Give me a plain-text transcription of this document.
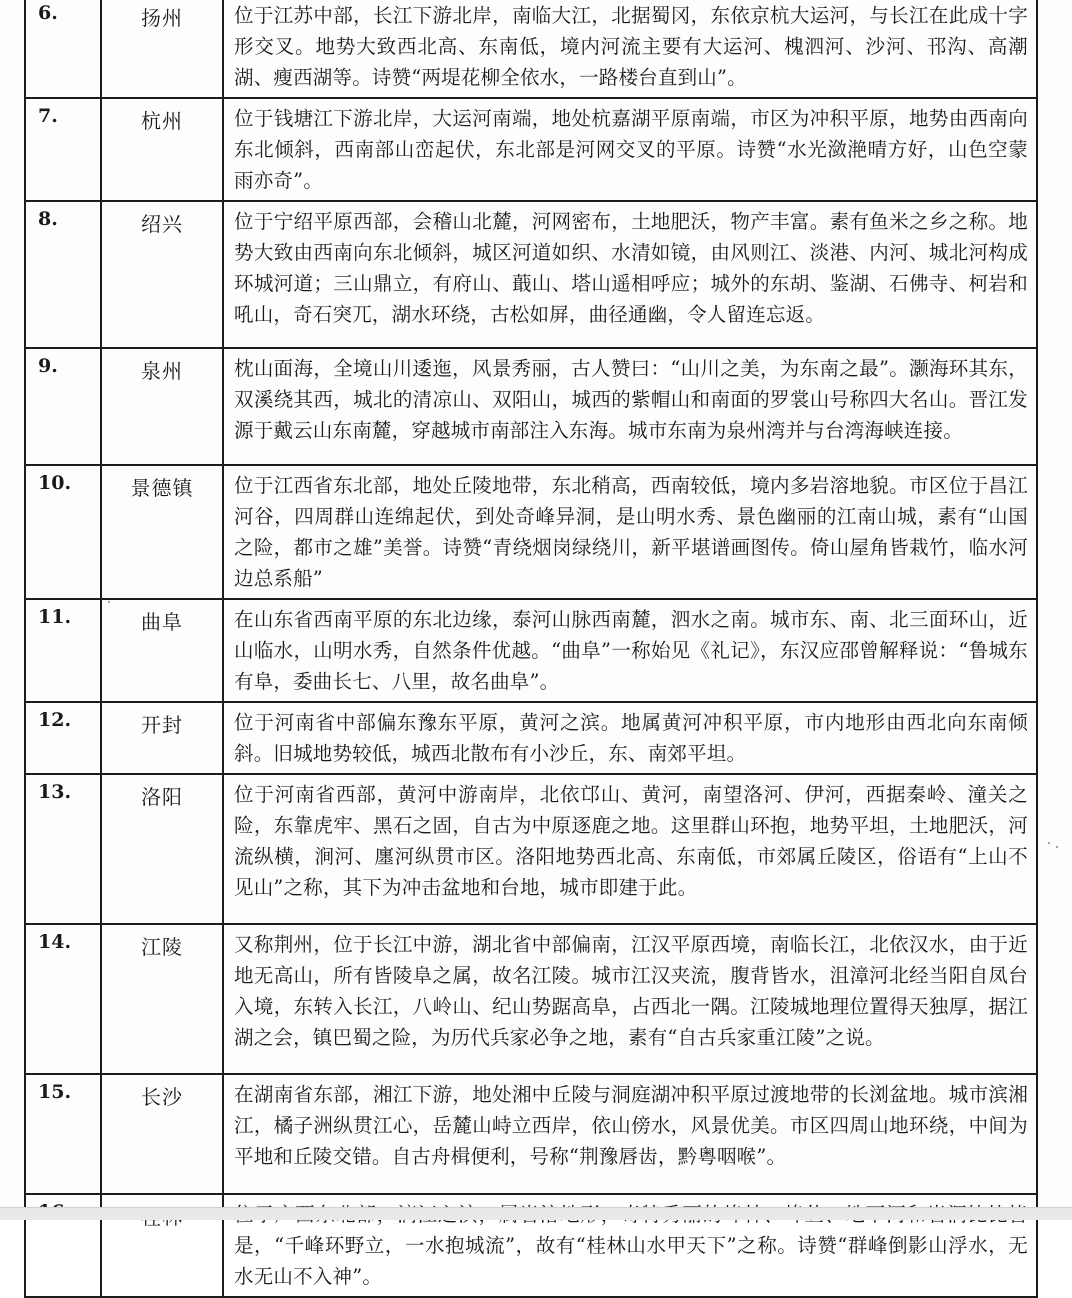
6.	扬州	位于江苏中部，长江下游北岸，南临大江，北据蜀冈，东依京杭大运河，与长江在此成十字形交叉。地势大致西北高、东南低，境内河流主要有大运河、槐泗河、沙河、邗沟、高潮湖、瘦西湖等。诗赞“两堤花柳全依水，一路楼台直到山”。
7.	杭州	位于钱塘江下游北岸，大运河南端，地处杭嘉湖平原南端，市区为冲积平原，地势由西南向东北倾斜，西南部山峦起伏，东北部是河网交叉的平原。诗赞“水光潋滟晴方好，山色空蒙雨亦奇”。
8.	绍兴	位于宁绍平原西部，会稽山北麓，河网密布，土地肥沃，物产丰富。素有鱼米之乡之称。地势大致由西南向东北倾斜，城区河道如织、水清如镜，由风则江、淡港、内河、城北河构成环城河道；三山鼎立，有府山、蕺山、塔山遥相呼应；城外的东胡、鉴湖、石佛寺、柯岩和吼山，奇石突兀，湖水环绕，古松如屏，曲径通幽，令人留连忘返。
9.	泉州	枕山面海，全境山川逶迤，风景秀丽，古人赞曰：“山川之美，为东南之最”。灏海环其东，双溪绕其西，城北的清凉山、双阳山，城西的紫帽山和南面的罗裳山号称四大名山。晋江发源于戴云山东南麓，穿越城市南部注入东海。城市东南为泉州湾并与台湾海峡连接。
10.	景德镇	位于江西省东北部，地处丘陵地带，东北稍高，西南较低，境内多岩溶地貌。市区位于昌江河谷，四周群山连绵起伏，到处奇峰异洞，是山明水秀、景色幽丽的江南山城，素有“山国之险，都市之雄”美誉。诗赞“青绕烟岗绿绕川，新平堪谱画图传。倚山屋角皆栽竹，临水河边总系船”
11.	曲阜	在山东省西南平原的东北边缘，泰河山脉西南麓，泗水之南。城市东、南、北三面环山，近山临水，山明水秀，自然条件优越。“曲阜”一称始见《礼记》，东汉应邵曾解释说：“鲁城东有阜，委曲长七、八里，故名曲阜”。
12.	开封	位于河南省中部偏东豫东平原，黄河之滨。地属黄河冲积平原，市内地形由西北向东南倾斜。旧城地势较低，城西北散布有小沙丘，东、南郊平坦。
13.	洛阳	位于河南省西部，黄河中游南岸，北依邙山、黄河，南望洛河、伊河，西据秦岭、潼关之险，东靠虎牢、黑石之固，自古为中原逐鹿之地。这里群山环抱，地势平坦，土地肥沃，河流纵横，涧河、廛河纵贯市区。洛阳地势西北高、东南低，市郊属丘陵区，俗语有“上山不见山”之称，其下为冲击盆地和台地，城市即建于此。
14.	江陵	又称荆州，位于长江中游，湖北省中部偏南，江汉平原西境，南临长江，北依汉水，由于近地无高山，所有皆陵阜之属，故名江陵。城市江汉夹流，腹背皆水，沮漳河北经当阳自凤台入境，东转入长江，八岭山、纪山势踞高阜，占西北一隅。江陵城地理位置得天独厚，据江湖之会，镇巴蜀之险，为历代兵家必争之地，素有“自古兵家重江陵”之说。
15.	长沙	在湖南省东部，湘江下游，地处湘中丘陵与洞庭湖冲积平原过渡地带的长浏盆地。城市滨湘江，橘子洲纵贯江心，岳麓山峙立西岸，依山傍水，风景优美。市区四周山地环绕，中间为平地和丘陵交错。自古舟楫便利，号称“荆豫唇齿，黔粤咽喉”。
		是，“千峰环野立，一水抱城流”，故有“桂林山水甲天下”之称。诗赞“群峰倒影山浮水，无水无山不入神”。
